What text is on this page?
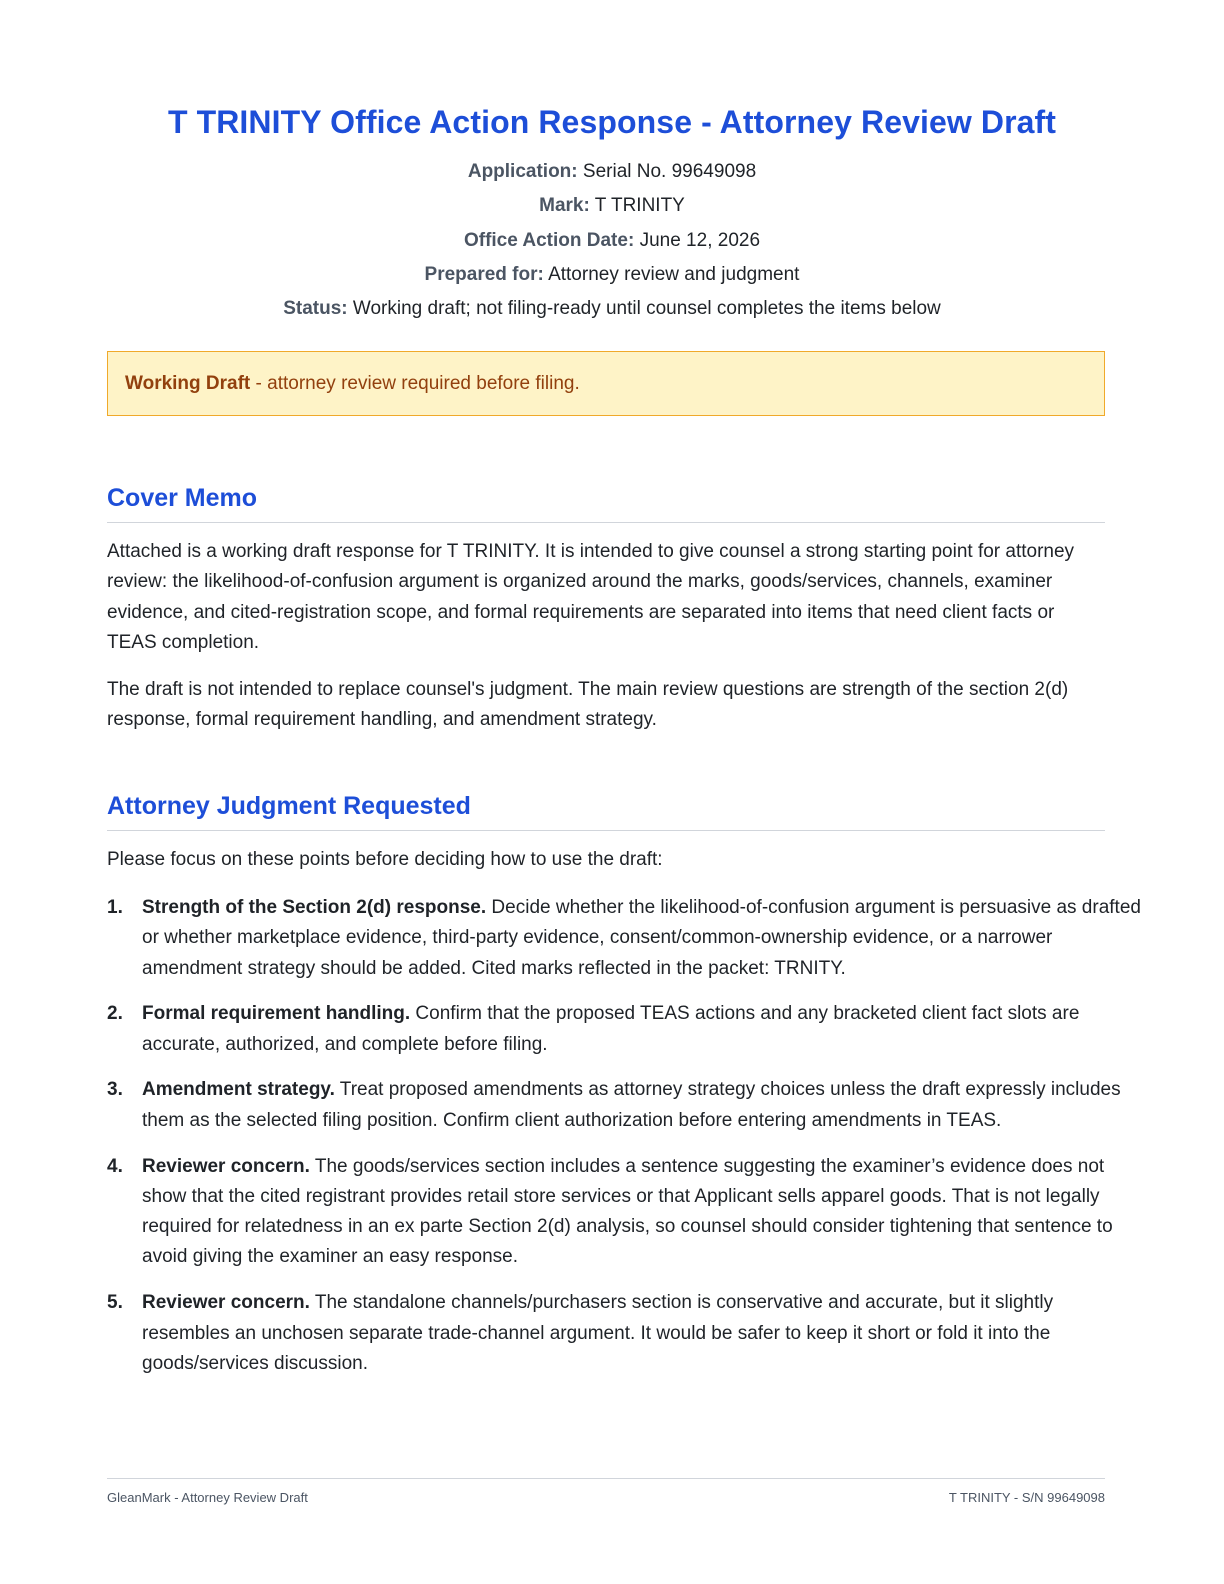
T TRINITY Office Action Response - Attorney Review Draft
Application: Serial No. 99649098
Mark: T TRINITY
Office Action Date: June 12, 2026
Prepared for: Attorney review and judgment
Status: Working draft; not filing-ready until counsel completes the items below
Working Draft - attorney review required before filing.
Cover Memo

Attached is a working draft response for T TRINITY. It is intended to give counsel a strong starting point for attorney review: the likelihood-of-confusion argument is organized around the marks, goods/services, channels, examiner evidence, and cited-registration scope, and formal requirements are separated into items that need client facts or TEAS completion.

The draft is not intended to replace counsel's judgment. The main review questions are strength of the section 2(d) response, formal requirement handling, and amendment strategy.

Attorney Judgment Requested

Please focus on these points before deciding how to use the draft:

1. Strength of the Section 2(d) response. Decide whether the likelihood-of-confusion argument is persuasive as drafted or whether marketplace evidence, third-party evidence, consent/common-ownership evidence, or a narrower amendment strategy should be added. Cited marks reflected in the packet: TRNITY.
2. Formal requirement handling. Confirm that the proposed TEAS actions and any bracketed client fact slots are accurate, authorized, and complete before filing.
3. Amendment strategy. Treat proposed amendments as attorney strategy choices unless the draft expressly includes them as the selected filing position. Confirm client authorization before entering amendments in TEAS.
4. Reviewer concern. The goods/services section includes a sentence suggesting the examiner’s evidence does not show that the cited registrant provides retail store services or that Applicant sells apparel goods. That is not legally required for relatedness in an ex parte Section 2(d) analysis, so counsel should consider tightening that sentence to avoid giving the examiner an easy response.
5. Reviewer concern. The standalone channels/purchasers section is conservative and accurate, but it slightly resembles an unchosen separate trade-channel argument. It would be safer to keep it short or fold it into the goods/services discussion.
GleanMark - Attorney Review Draft	T TRINITY - S/N 99649098
